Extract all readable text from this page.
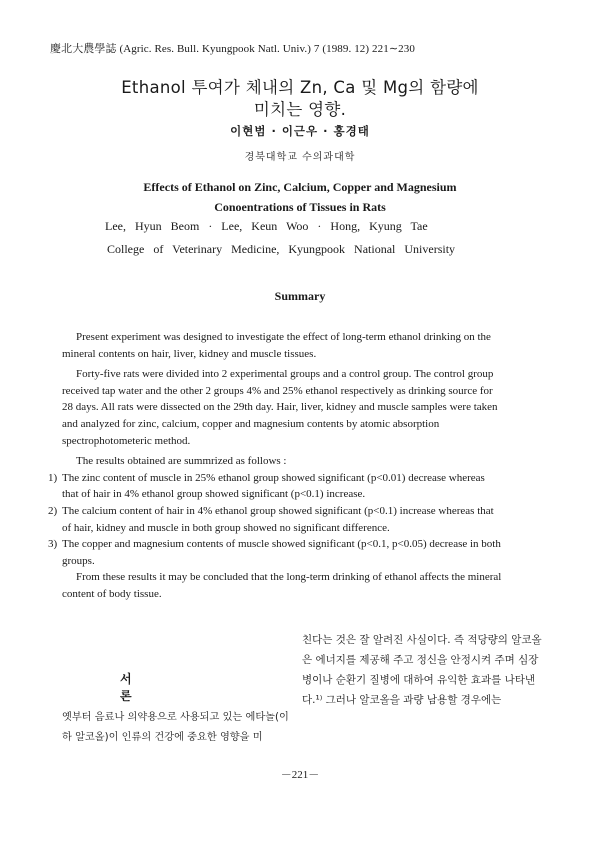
慶北大農學誌 (Agric. Res. Bull. Kyungpook Natl. Univ.) 7 (1989. 12) 221∼230
Ethanol 투여가 체내의 Zn, Ca 및 Mg의 함량에
미치는 영향.
이현범 · 이근우 · 홍경태
경북대학교 수의과대학
Effects of Ethanol on Zinc, Calcium, Copper and Magnesium
Conoentrations of Tissues in Rats
Lee, Hyun Beom · Lee, Keun Woo · Hong, Kyung Tae
College of Veterinary Medicine, Kyungpook National University
Summary

Present experiment was designed to investigate the effect of long-term ethanol drinking on the mineral contents on hair, liver, kidney and muscle tissues.

Forty-five rats were divided into 2 experimental groups and a control group. The control group received tap water and the other 2 groups 4% and 25% ethanol respectively as drinking source for 28 days. All rats were dissected on the 29th day. Hair, liver, kidney and muscle samples were taken and analyzed for zinc, calcium, copper and magnesium contents by atomic absorption spectrophotometeric method.

The results obtained are summrized as follows :

1) The zinc content of muscle in 25% ethanol group showed significant (p<0.01) decrease whereas that of hair in 4% ethanol group showed significant (p<0.1) increase.
2) The calcium content of hair in 4% ethanol group showed significant (p<0.1) increase whereas that of hair, kidney and muscle in both group showed no significant difference.
3) The copper and magnesium contents of muscle showed significant (p<0.1, p<0.05) decrease in both groups.

From these results it may be concluded that the long-term drinking of ethanol affects the mineral content of body tissue.

서 론
옛부터 음료나 의약용으로 사용되고 있는 에타놀(이하 알코올)이 인류의 건강에 중요한 영향을 미
친다는 것은 잘 알려진 사실이다. 즉 적당량의 알코올은 에너지를 제공해 주고 정신을 안정시켜 주며 심장병이나 순환기 질병에 대하여 유익한 효과를 나타낸다.¹⁾ 그러나 알코올을 과량 남용할 경우에는
－221－
